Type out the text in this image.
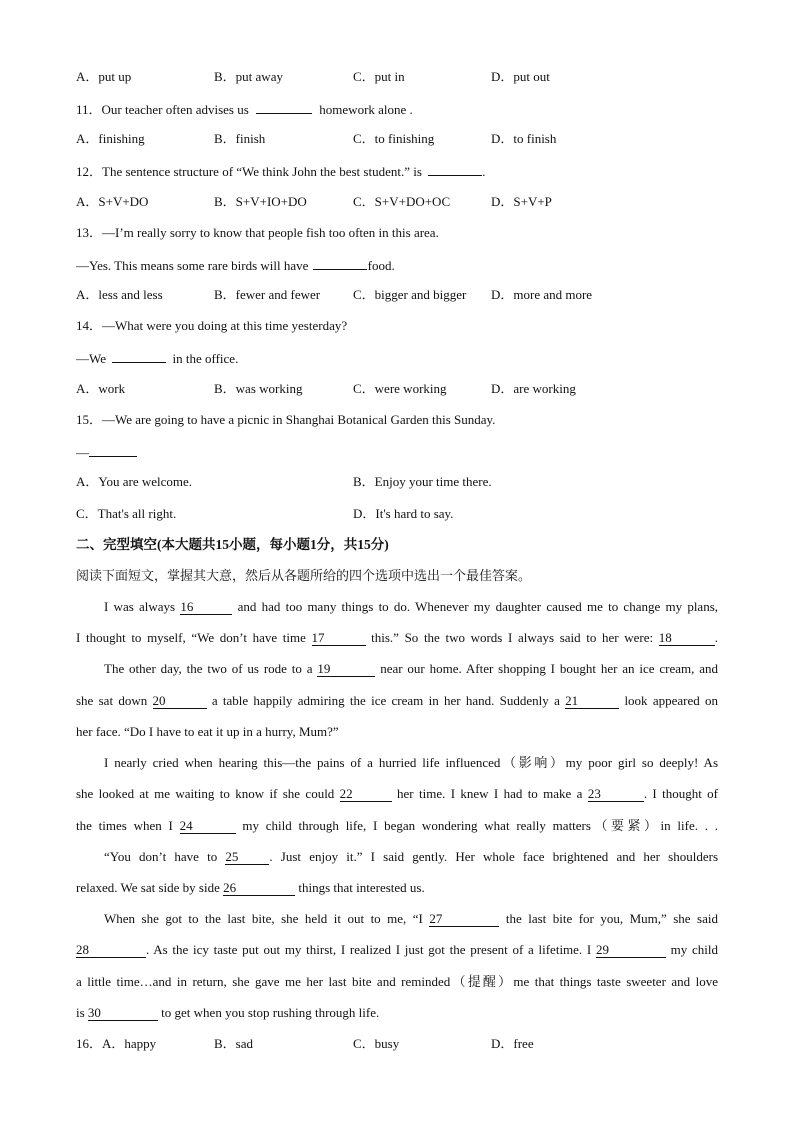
A．put up	B．put away	C．put in	D．put out
11．Our teacher often advises us	homework alone .
A．finishing	B．finish	C．to finishing	D．to finish
12．The sentence structure of “We think John the best student.” is	.
A．S+V+DO	B．S+V+IO+DO	C．S+V+DO+OC	D．S+V+P
13．—I’m really sorry to know that people fish too often in this area.
—Yes. This means some rare birds will have	food.
A．less and less	B．fewer and fewer	C．bigger and bigger D．more and more
14．—What were you doing at this time yesterday?
—We	in the office.
A．work	B．was working	C．were working	D．are working
15．—We are going to have a picnic in Shanghai Botanical Garden this Sunday.
—
A．You are welcome.	B．Enjoy your time there.
C．That's all right.	D．It's hard to say.
二、完型填空(本大题共15小题，每小题1分，共15分)
阅读下面短文，掌握其大意，然后从各题所给的四个选项中选出一个最佳答案。
I was always 16	and had too many things to do. Whenever my daughter caused me to change my plans,
I thought to myself, “We don’t have time 17	this.” So the two words I always said to her were: 18	.
The other day, the two of us rode to a 19	near our home. After shopping I bought her an ice cream, and
she sat down 20	a table happily admiring the ice cream in her hand. Suddenly a 21	look appeared on
her face. “Do I have to eat it up in a hurry, Mum?”
I nearly cried when hearing this—the pains of a hurried life influenced（影响）my poor girl so deeply! As
she looked at me waiting to know if she could 22	her time. I knew I had to make a 23	. I thought of
the times when I 24	my child through life, I began wondering what really matters（要紧）in life. . .
“You don’t have to 25 . Just enjoy it.” I said gently. Her whole face brightened and her shoulders
relaxed. We sat side by side 26	things that interested us.
When she got to the last bite, she held it out to me, “I 27	the last bite for you, Mum,” she said
28	. As the icy taste put out my thirst, I realized I just got the present of a lifetime. I 29	my child
a little time…and in return, she gave me her last bite and reminded（提醒）me that things taste sweeter and love
is 30	to get when you stop rushing through life.
16．A．happy	B．sad	C．busy	D．free
